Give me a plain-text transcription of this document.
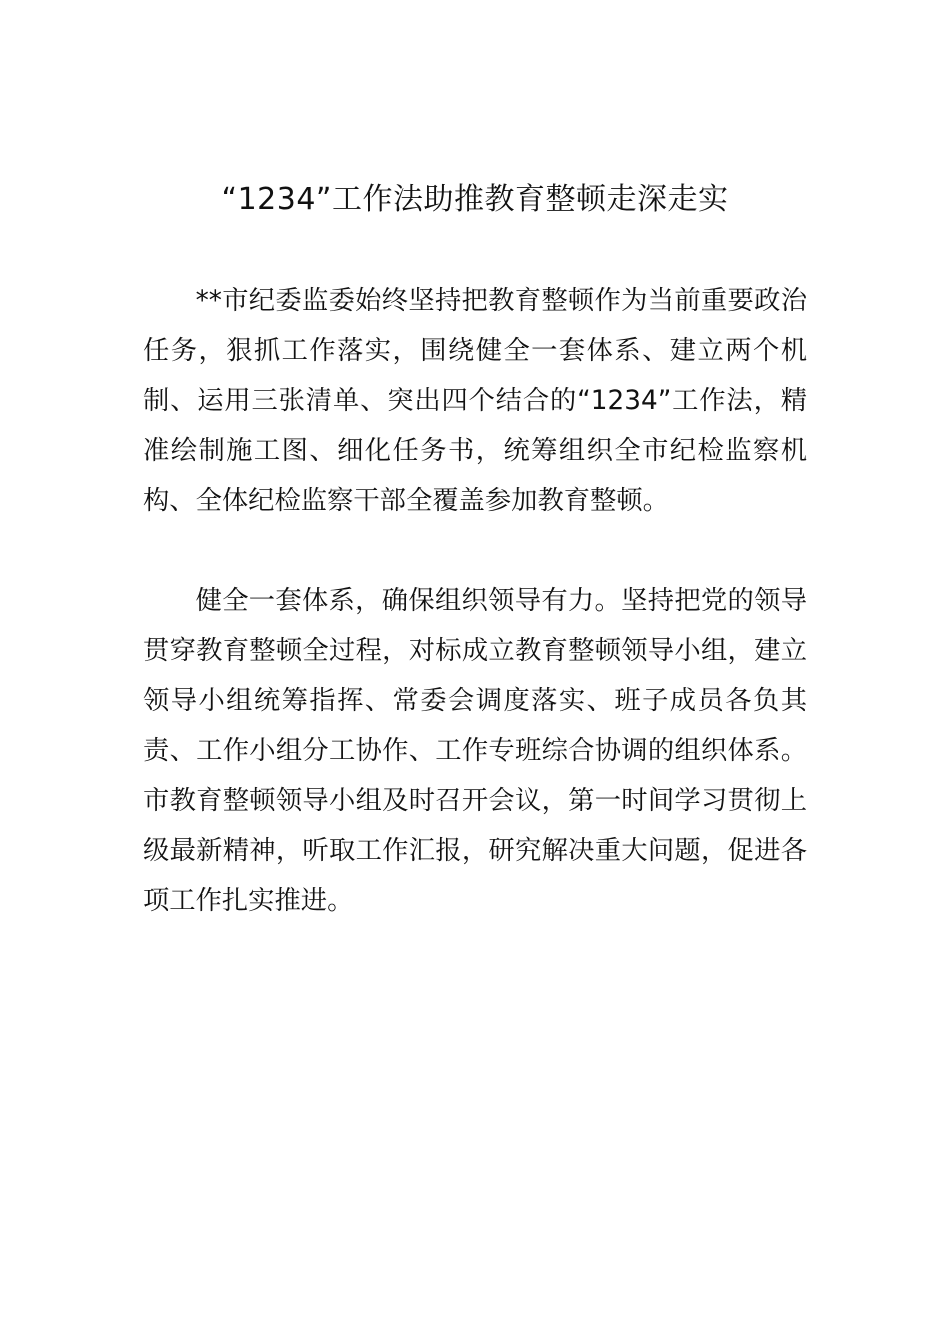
“1234”工作法助推教育整顿走深走实

**市纪委监委始终坚持把教育整顿作为当前重要政治任务，狠抓工作落实，围绕健全一套体系、建立两个机制、运用三张清单、突出四个结合的“1234”工作法，精准绘制施工图、细化任务书，统筹组织全市纪检监察机构、全体纪检监察干部全覆盖参加教育整顿。

健全一套体系，确保组织领导有力。坚持把党的领导贯穿教育整顿全过程，对标成立教育整顿领导小组，建立领导小组统筹指挥、常委会调度落实、班子成员各负其责、工作小组分工协作、工作专班综合协调的组织体系。市教育整顿领导小组及时召开会议，第一时间学习贯彻上级最新精神，听取工作汇报，研究解决重大问题，促进各项工作扎实推进。
